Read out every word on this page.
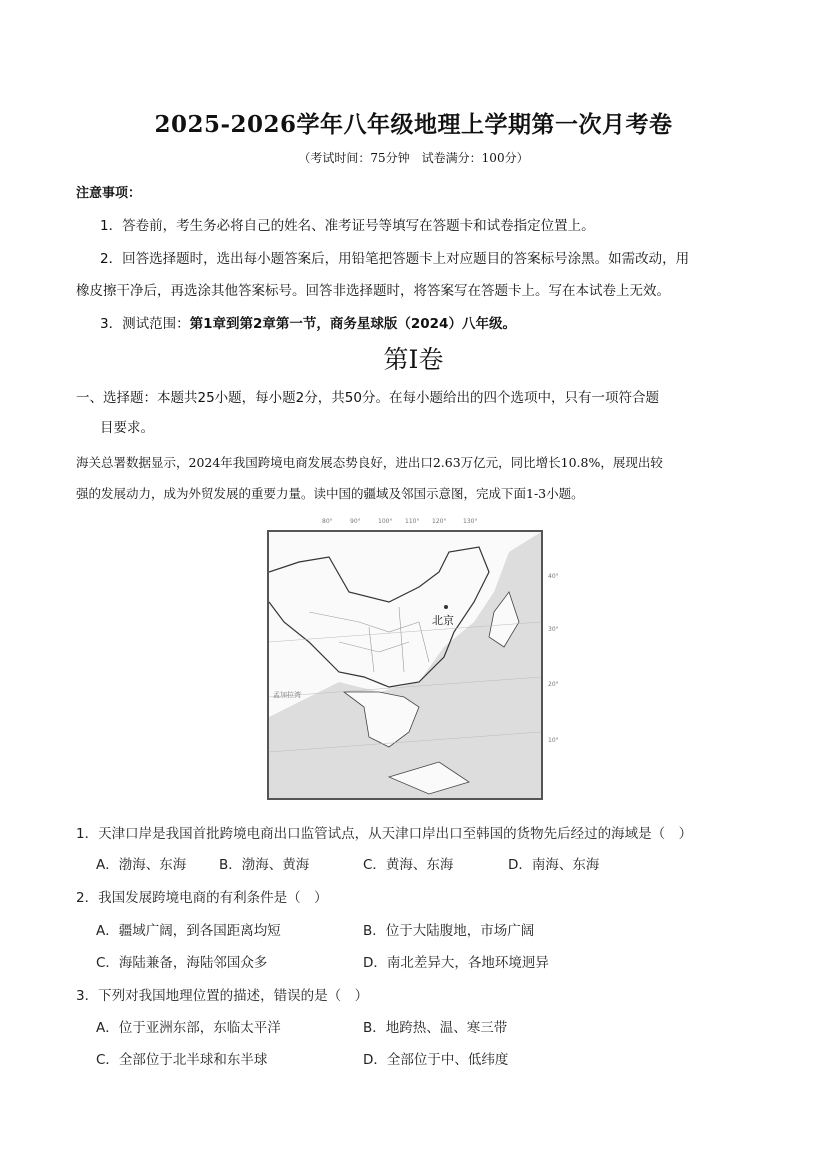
2025-2026学年八年级地理上学期第一次月考卷
（考试时间：75分钟　试卷满分：100分）
注意事项：
1．答卷前，考生务必将自己的姓名、准考证号等填写在答题卡和试卷指定位置上。
2．回答选择题时，选出每小题答案后，用铅笔把答题卡上对应题目的答案标号涂黑。如需改动，用
橡皮擦干净后，再选涂其他答案标号。回答非选择题时，将答案写在答题卡上。写在本试卷上无效。
3．测试范围：第1章到第2章第一节，商务星球版（2024）八年级。
第I卷
一、选择题：本题共25小题，每小题2分，共50分。在每小题给出的四个选项中，只有一项符合题
目要求。
海关总署数据显示，2024年我国跨境电商发展态势良好，进出口2.63万亿元，同比增长10.8%，展现出较
强的发展动力，成为外贸发展的重要力量。读中国的疆域及邻国示意图，完成下面1-3小题。
80°	90°	100° 110° 120°	130°
40°
30°
20°
10°
北京
孟加拉湾
1．天津口岸是我国首批跨境电商出口监管试点，从天津口岸出口至韩国的货物先后经过的海域是（　）
A．渤海、东海 B．渤海、黄海	C．黄海、东海	D．南海、东海
2．我国发展跨境电商的有利条件是（　）
A．疆域广阔，到各国距离均短	B．位于大陆腹地，市场广阔
C．海陆兼备，海陆邻国众多	D．南北差异大，各地环境迥异
3．下列对我国地理位置的描述，错误的是（　）
A．位于亚洲东部，东临太平洋	B．地跨热、温、寒三带
C．全部位于北半球和东半球	D．全部位于中、低纬度
